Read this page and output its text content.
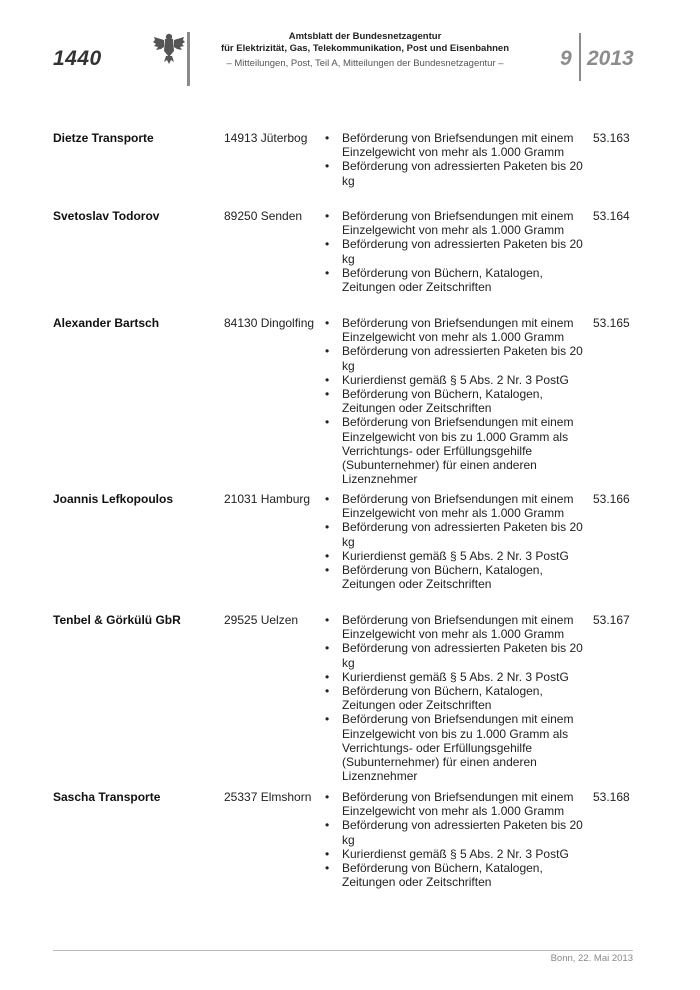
1440
Amtsblatt der Bundesnetzagentur
für Elektrizität, Gas, Telekommunikation, Post und Eisenbahnen
– Mitteilungen, Post, Teil A, Mitteilungen der Bundesnetzagentur –	9 2013
Dietze Transporte	14913 Jüterbog	• Beförderung von Briefsendungen mit einem Einzelgewicht von mehr als 1.000 Gramm
• Beförderung von adressierten Paketen bis 20 kg
53.163
Svetoslav Todorov	89250 Senden	• Beförderung von Briefsendungen mit einem Einzelgewicht von mehr als 1.000 Gramm
• Beförderung von adressierten Paketen bis 20 kg
• Beförderung von Büchern, Katalogen, Zeitungen oder Zeitschriften
53.164
Alexander Bartsch	84130 Dingolfing	• Beförderung von Briefsendungen mit einem Einzelgewicht von mehr als 1.000 Gramm
• Beförderung von adressierten Paketen bis 20 kg
• Kurierdienst gemäß § 5 Abs. 2 Nr. 3 PostG
• Beförderung von Büchern, Katalogen, Zeitungen oder Zeitschriften
• Beförderung von Briefsendungen mit einem Einzelgewicht von bis zu 1.000 Gramm als Verrichtungs- oder Erfüllungsgehilfe (Subunternehmer) für einen anderen Lizenznehmer
53.165
Joannis Lefkopoulos	21031 Hamburg	• Beförderung von Briefsendungen mit einem Einzelgewicht von mehr als 1.000 Gramm
• Beförderung von adressierten Paketen bis 20 kg
• Kurierdienst gemäß § 5 Abs. 2 Nr. 3 PostG
• Beförderung von Büchern, Katalogen, Zeitungen oder Zeitschriften
53.166
Tenbel & Görkülü GbR	29525 Uelzen	• Beförderung von Briefsendungen mit einem Einzelgewicht von mehr als 1.000 Gramm
• Beförderung von adressierten Paketen bis 20 kg
• Kurierdienst gemäß § 5 Abs. 2 Nr. 3 PostG
• Beförderung von Büchern, Katalogen, Zeitungen oder Zeitschriften
• Beförderung von Briefsendungen mit einem Einzelgewicht von bis zu 1.000 Gramm als Verrichtungs- oder Erfüllungsgehilfe (Subunternehmer) für einen anderen Lizenznehmer
53.167
Sascha Transporte	25337 Elmshorn	• Beförderung von Briefsendungen mit einem Einzelgewicht von mehr als 1.000 Gramm
• Beförderung von adressierten Paketen bis 20 kg
• Kurierdienst gemäß § 5 Abs. 2 Nr. 3 PostG
• Beförderung von Büchern, Katalogen, Zeitungen oder Zeitschriften
53.168
Bonn, 22. Mai 2013
